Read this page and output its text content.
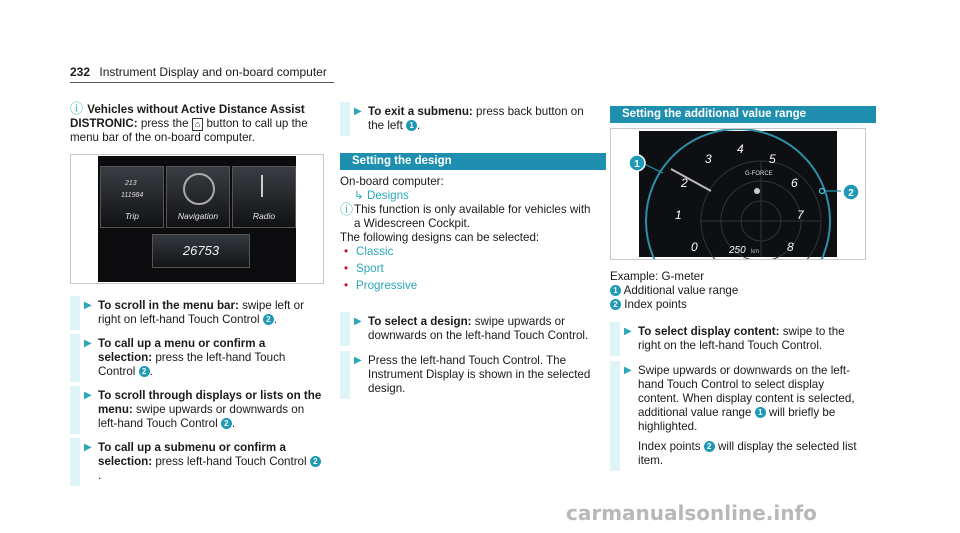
232 Instrument Display and on-board computer
ⓘ Vehicles without Active Distance Assist DISTRONIC: press the ⌂ button to call up the menu bar of the on-board computer.
213
111984
Trip	Navigation	Radio
26753
▶ To scroll in the menu bar: swipe left or right on left-hand Touch Control 2 .
▶ To call up a menu or confirm a selection: press the left-hand Touch Control 2 .
▶ To scroll through displays or lists on the menu: swipe upwards or downwards on left-hand Touch Control 2 .
▶ To call up a submenu or confirm a selection: press left-hand Touch Control 2.
▶ To exit a submenu: press back button on the left 1 .
Setting the design
On-board computer:
↳ Designs
ⓘ This function is only available for vehicles with a Widescreen Cockpit.
The following designs can be selected:
• Classic
• Sport
• Progressive
▶ To select a design: swipe upwards or downwards on the left-hand Touch Control.
▶ Press the left-hand Touch Control. The Instrument Display is shown in the selected design.
Setting the additional value range
0
1
2
3
4
5
6
7
8
G-FORCE
250 km
1
2
Example: G-meter
1 Additional value range
2 Index points
▶ To select display content: swipe to the right on the left-hand Touch Control.
▶ Swipe upwards or downwards on the left-hand Touch Control to select display content. When display content is selected, additional value range 1 will briefly be highlighted.
Index points 2 will display the selected list item.
carmanualsonline.info
